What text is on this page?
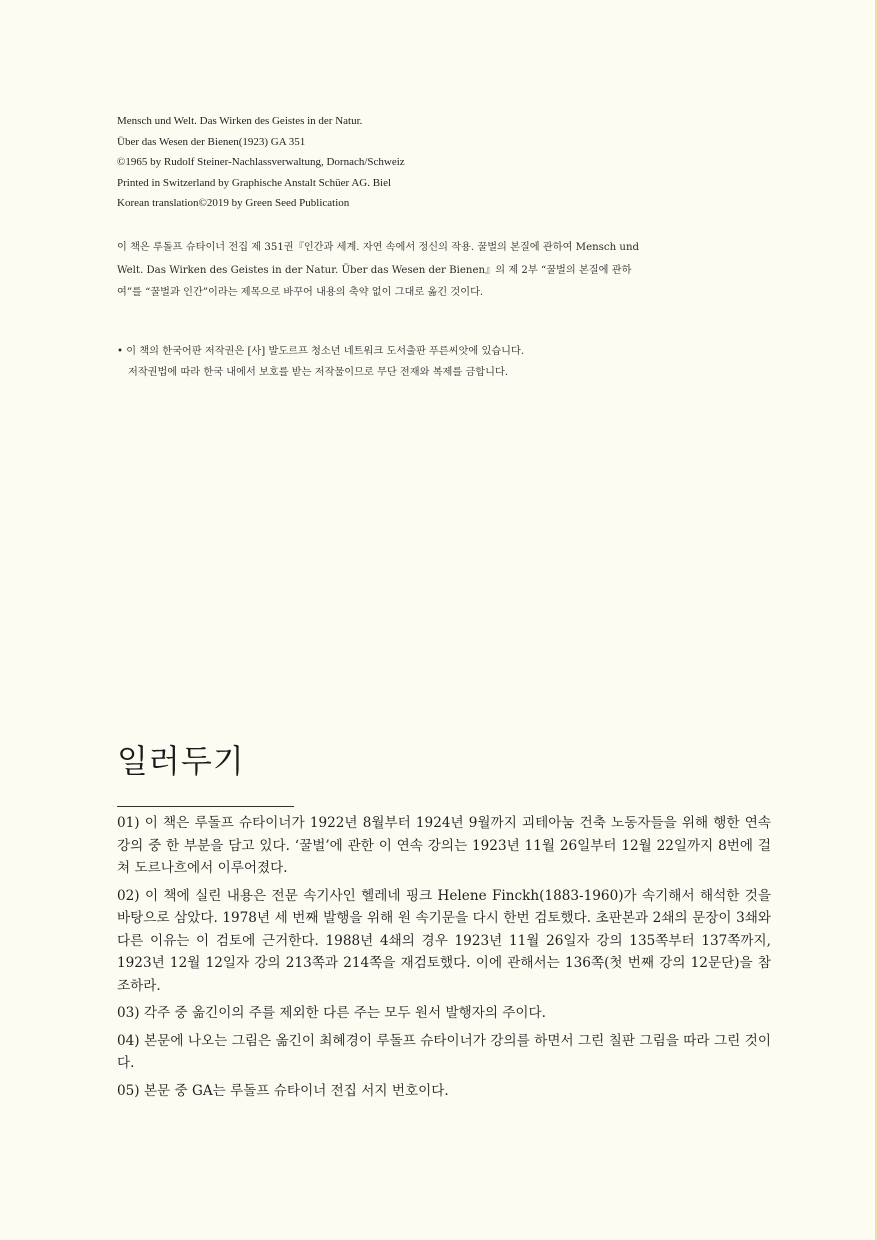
Mensch und Welt. Das Wirken des Geistes in der Natur.
Über das Wesen der Bienen(1923) GA 351
©1965 by Rudolf Steiner-Nachlassverwaltung, Dornach/Schweiz
Printed in Switzerland by Graphische Anstalt Schüer AG. Biel
Korean translation©2019 by Green Seed Publication

이 책은 루돌프 슈타이너 전집 제 351권『인간과 세계. 자연 속에서 정신의 작용. 꿀벌의 본질에 관하여 Mensch und Welt. Das Wirken des Geistes in der Natur. Über das Wesen der Bienen』의 제 2부 “꿀벌의 본질에 관하여”를 “꿀벌과 인간”이라는 제목으로 바꾸어 내용의 축약 없이 그대로 옮긴 것이다.

• 이 책의 한국어판 저작권은 [사] 발도르프 청소년 네트워크 도서출판 푸른씨앗에 있습니다.
저작권법에 따라 한국 내에서 보호를 받는 저작물이므로 무단 전재와 복제를 금합니다.
일러두기
01) 이 책은 루돌프 슈타이너가 1922년 8월부터 1924년 9월까지 괴테아눔 건축 노동자들을 위해 행한 연속 강의 중 한 부분을 담고 있다. ‘꿀벌’에 관한 이 연속 강의는 1923년 11월 26일부터 12월 22일까지 8번에 걸쳐 도르나흐에서 이루어졌다.
02) 이 책에 실린 내용은 전문 속기사인 헬레네 핑크 Helene Finckh(1883-1960)가 속기해서 해석한 것을 바탕으로 삼았다. 1978년 세 번째 발행을 위해 원 속기문을 다시 한번 검토했다. 초판본과 2쇄의 문장이 3쇄와 다른 이유는 이 검토에 근거한다. 1988년 4쇄의 경우 1923년 11월 26일자 강의 135쪽부터 137쪽까지, 1923년 12월 12일자 강의 213쪽과 214쪽을 재검토했다. 이에 관해서는 136쪽(첫 번째 강의 12문단)을 참조하라.
03) 각주 중 옮긴이의 주를 제외한 다른 주는 모두 원서 발행자의 주이다.
04) 본문에 나오는 그림은 옮긴이 최혜경이 루돌프 슈타이너가 강의를 하면서 그린 칠판 그림을 따라 그린 것이다.
05) 본문 중 GA는 루돌프 슈타이너 전집 서지 번호이다.
